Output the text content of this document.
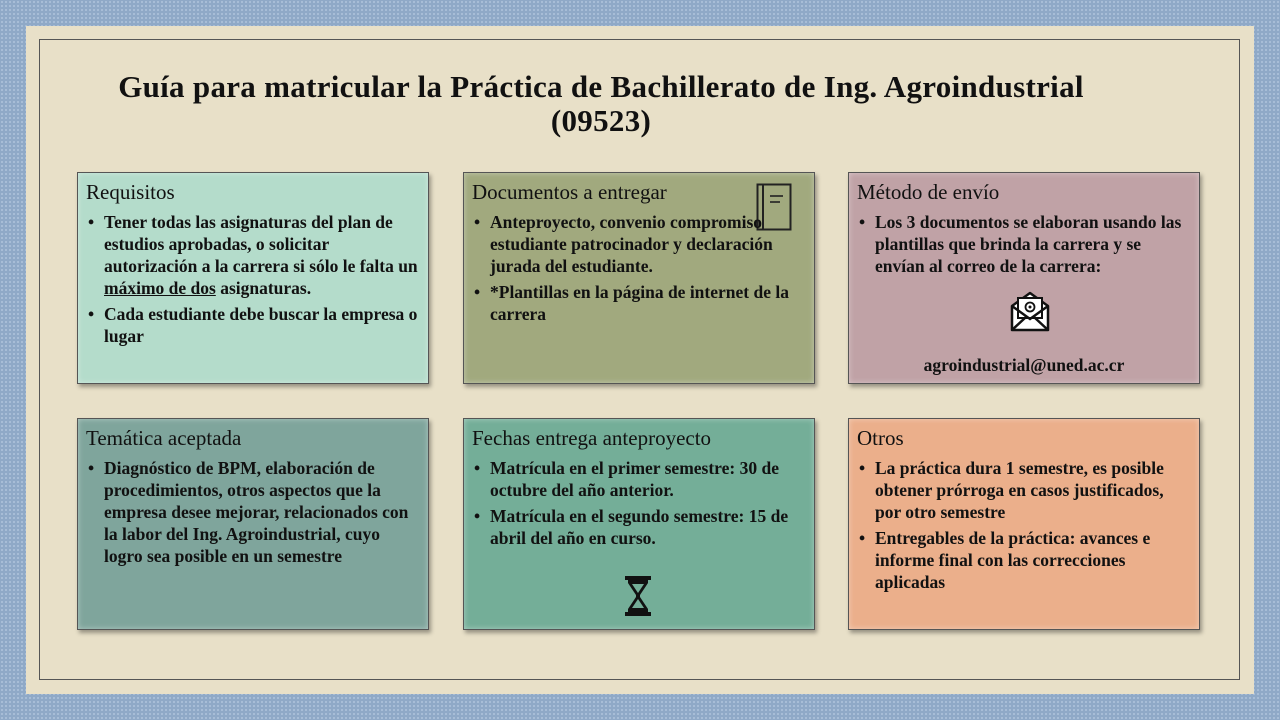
Guía para matricular la Práctica de Bachillerato de Ing. Agroindustrial (09523)
Requisitos
• Tener todas las asignaturas del plan de estudios aprobadas, o solicitar autorización a la carrera si sólo le falta un máximo de dos asignaturas.
• Cada estudiante debe buscar la empresa o lugar
Documentos a entregar
• Anteproyecto, convenio compromiso estudiante patrocinador y declaración jurada del estudiante.
• *Plantillas en la página de internet de la carrera
Método de envío
• Los 3 documentos se elaboran usando las plantillas que brinda la carrera y se envían al correo de la carrera:
agroindustrial@uned.ac.cr
Temática aceptada
• Diagnóstico de BPM, elaboración de procedimientos, otros aspectos que la empresa desee mejorar, relacionados con la labor del Ing. Agroindustrial, cuyo logro sea posible en un semestre
Fechas entrega anteproyecto
• Matrícula en el primer semestre: 30 de octubre del año anterior.
• Matrícula en el segundo semestre: 15 de abril del año en curso.
Otros
• La práctica dura 1 semestre, es posible obtener prórroga en casos justificados, por otro semestre
• Entregables de la práctica: avances e informe final con las correcciones aplicadas
